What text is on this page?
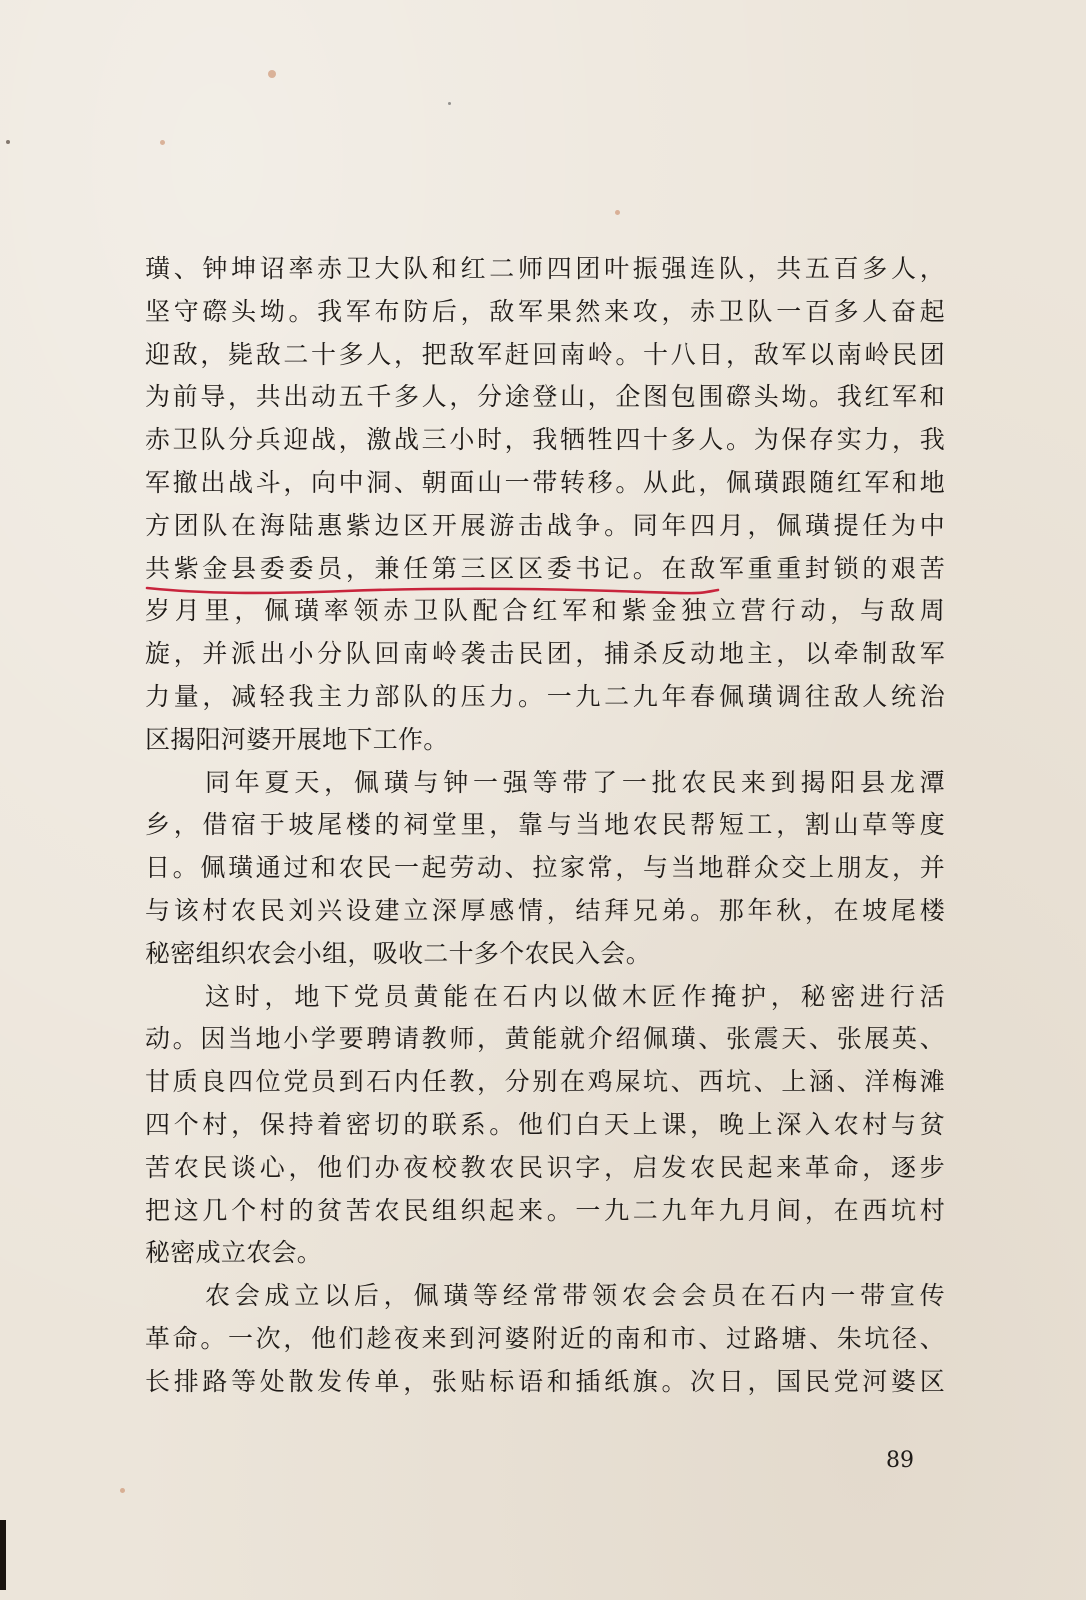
璜、钟坤诏率赤卫大队和红二师四团叶振强连队，共五百多人，
坚守磜头坳。我军布防后，敌军果然来攻，赤卫队一百多人奋起
迎敌，毙敌二十多人，把敌军赶回南岭。十八日，敌军以南岭民团
为前导，共出动五千多人，分途登山，企图包围磜头坳。我红军和
赤卫队分兵迎战，激战三小时，我牺牲四十多人。为保存实力，我
军撤出战斗，向中洞、朝面山一带转移。从此，佩璜跟随红军和地
方团队在海陆惠紫边区开展游击战争。同年四月，佩璜提任为中
共紫金县委委员，兼任第三区区委书记。在敌军重重封锁的艰苦
岁月里，佩璜率领赤卫队配合红军和紫金独立营行动，与敌周
旋，并派出小分队回南岭袭击民团，捕杀反动地主，以牵制敌军
力量，减轻我主力部队的压力。一九二九年春佩璜调往敌人统治
区揭阳河婆开展地下工作。
同年夏天，佩璜与钟一强等带了一批农民来到揭阳县龙潭
乡，借宿于坡尾楼的祠堂里，靠与当地农民帮短工，割山草等度
日。佩璜通过和农民一起劳动、拉家常，与当地群众交上朋友，并
与该村农民刘兴设建立深厚感情，结拜兄弟。那年秋，在坡尾楼
秘密组织农会小组，吸收二十多个农民入会。
这时，地下党员黄能在石内以做木匠作掩护，秘密进行活
动。因当地小学要聘请教师，黄能就介绍佩璜、张震天、张展英、
甘质良四位党员到石内任教，分别在鸡屎坑、西坑、上涵、洋梅滩
四个村，保持着密切的联系。他们白天上课，晚上深入农村与贫
苦农民谈心，他们办夜校教农民识字，启发农民起来革命，逐步
把这几个村的贫苦农民组织起来。一九二九年九月间，在西坑村
秘密成立农会。
农会成立以后，佩璜等经常带领农会会员在石内一带宣传
革命。一次，他们趁夜来到河婆附近的南和市、过路塘、朱坑径、
长排路等处散发传单，张贴标语和插纸旗。次日，国民党河婆区
89
